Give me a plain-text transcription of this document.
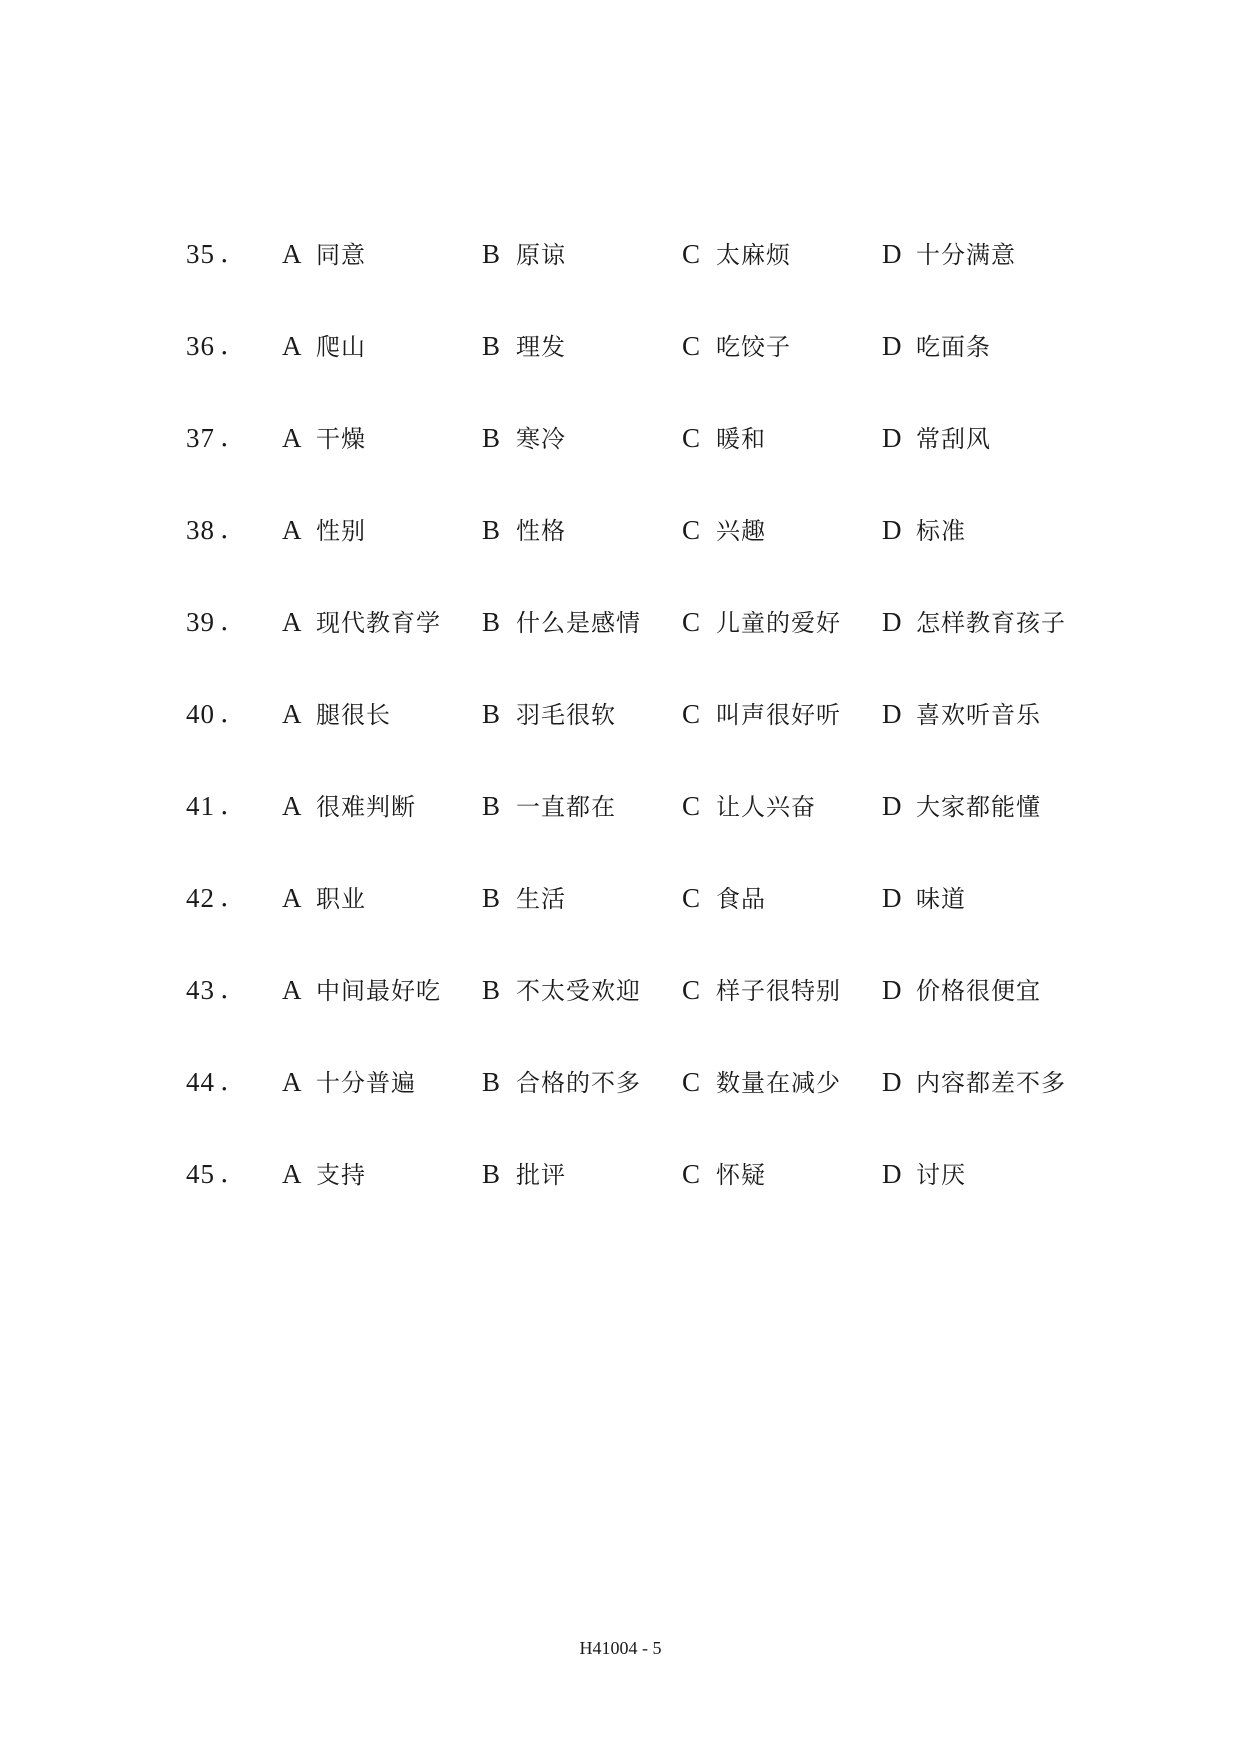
35 . A 同意	B 原谅	C 太麻烦	D 十分满意
36 . A 爬山	B 理发	C 吃饺子	D 吃面条
37 . A 干燥	B 寒冷	C 暖和	D 常刮风
38 . A 性别	B 性格	C 兴趣	D 标准
39 . A 现代教育学 B 什么是感情 C 儿童的爱好 D 怎样教育孩子
40 . A 腿很长	B 羽毛很软 C 叫声很好听 D 喜欢听音乐
41 . A 很难判断 B 一直都在 C 让人兴奋 D 大家都能懂
42 . A 职业	B 生活	C 食品	D 味道
43 . A 中间最好吃 B 不太受欢迎 C 样子很特别 D 价格很便宜
44 . A 十分普遍 B 合格的不多 C 数量在减少 D 内容都差不多
45 . A 支持	B 批评	C 怀疑	D 讨厌
H41004 - 5
